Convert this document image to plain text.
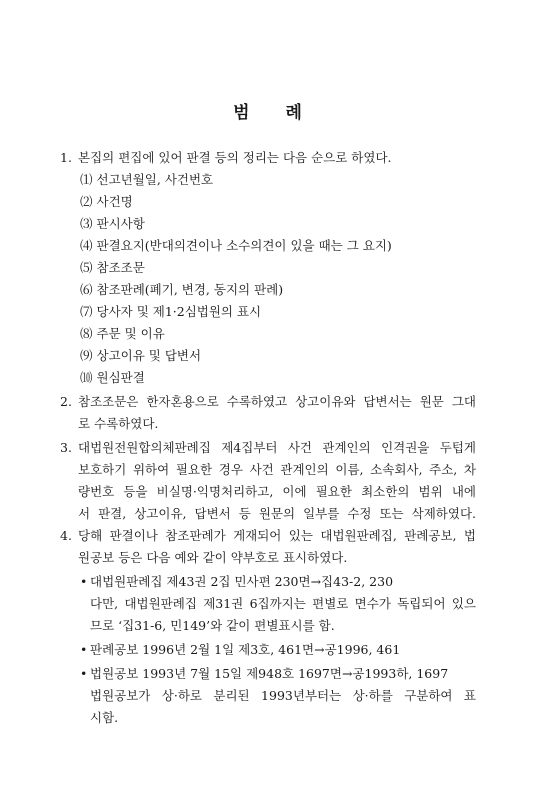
범 례
1. 본집의 편집에 있어 판결 등의 정리는 다음 순으로 하였다.
⑴ 선고년월일, 사건번호
⑵ 사건명
⑶ 판시사항
⑷ 판결요지(반대의견이나 소수의견이 있을 때는 그 요지)
⑸ 참조조문
⑹ 참조판례(폐기, 변경, 동지의 판례)
⑺ 당사자 및 제1·2심법원의 표시
⑻ 주문 및 이유
⑼ 상고이유 및 답변서
⑽ 원심판결
2. 참조조문은 한자혼용으로 수록하였고 상고이유와 답변서는 원문 그대
로 수록하였다.
3. 대법원전원합의체판례집 제4집부터 사건 관계인의 인격권을 두텁게
보호하기 위하여 필요한 경우 사건 관계인의 이름, 소속회사, 주소, 차
량번호 등을 비실명·익명처리하고, 이에 필요한 최소한의 범위 내에
서 판결, 상고이유, 답변서 등 원문의 일부를 수정 또는 삭제하였다.
4. 당해 판결이나 참조판례가 게재되어 있는 대법원판례집, 판례공보, 법
원공보 등은 다음 예와 같이 약부호로 표시하였다.
• 대법원판례집 제43권 2집 민사편 230면→집43-2, 230
다만, 대법원판례집 제31권 6집까지는 편별로 면수가 독립되어 있으
므로 ‘집31-6, 민149’와 같이 편별표시를 함.
• 판례공보 1996년 2월 1일 제3호, 461면→공1996, 461
• 법원공보 1993년 7월 15일 제948호 1697면→공1993하, 1697
법원공보가 상·하로 분리된 1993년부터는 상·하를 구분하여 표
시함.
